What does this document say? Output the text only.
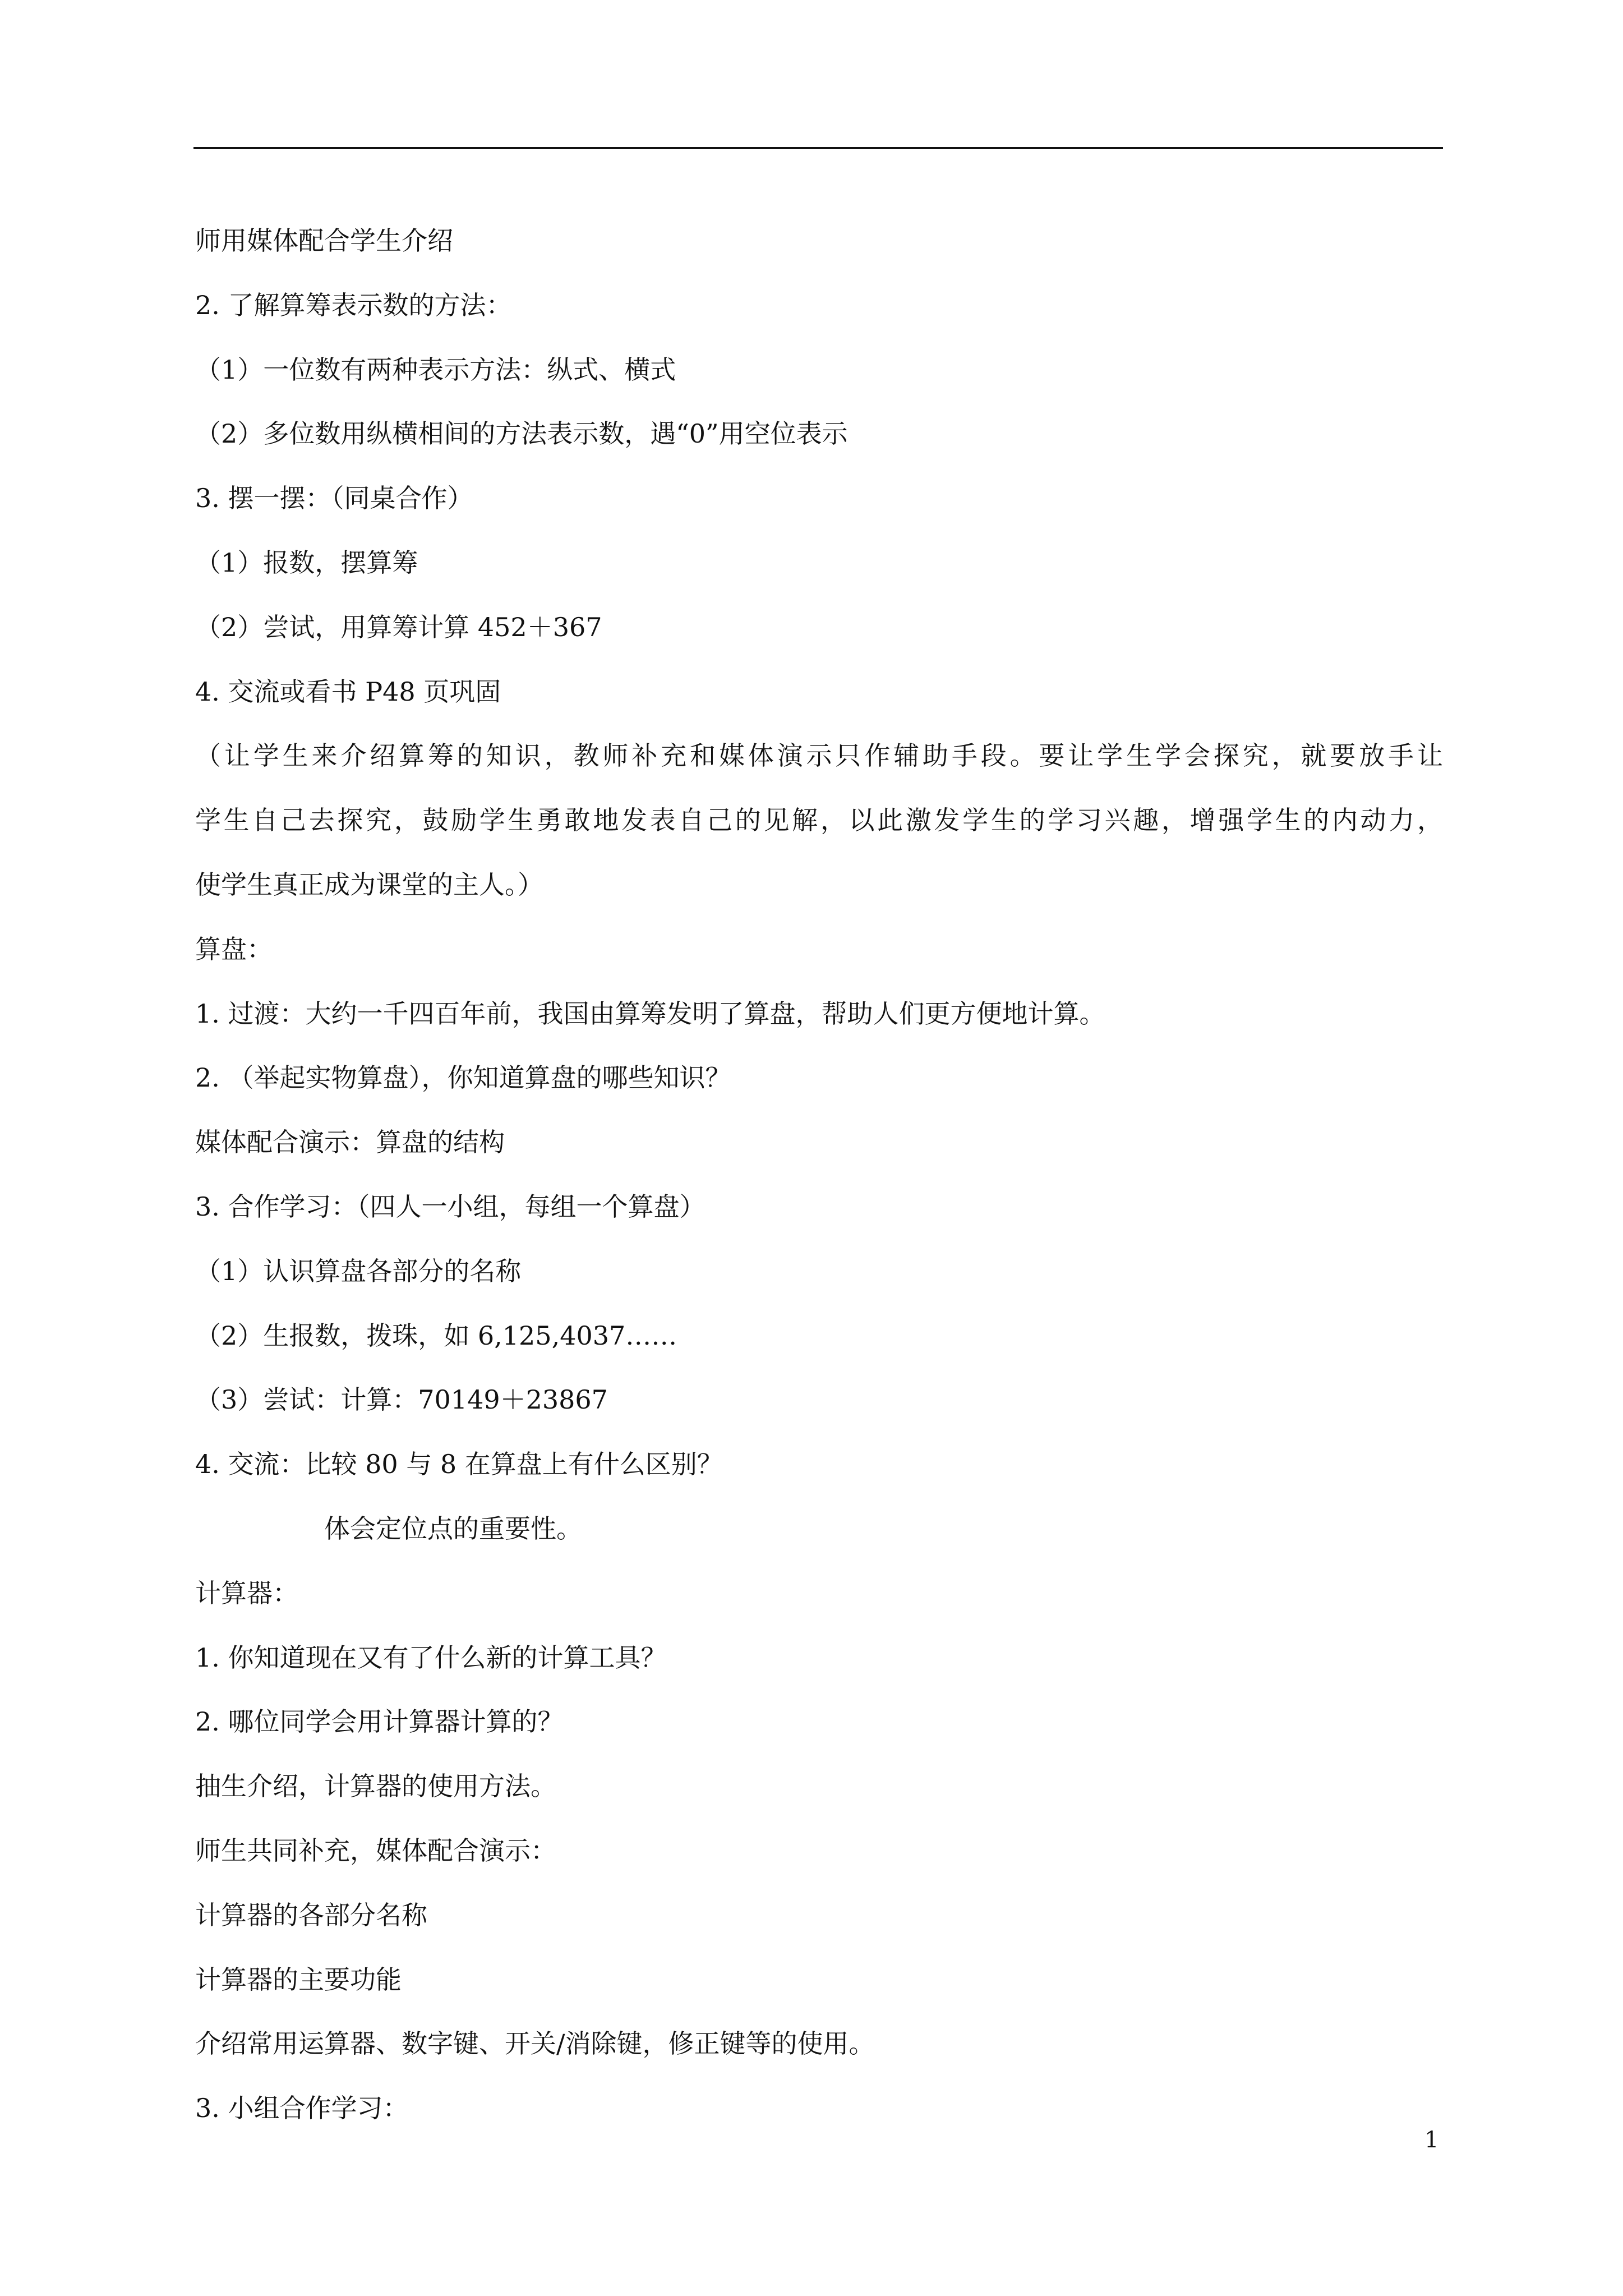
师用媒体配合学生介绍
2. 了解算筹表示数的方法：
（1）一位数有两种表示方法：纵式、横式
（2）多位数用纵横相间的方法表示数，遇“0”用空位表示
3. 摆一摆：（同桌合作）
（1）报数，摆算筹
（2）尝试，用算筹计算 452＋367
4. 交流或看书 P48 页巩固
（让学生来介绍算筹的知识，教师补充和媒体演示只作辅助手段。要让学生学会探究，就要放手让
学生自己去探究，鼓励学生勇敢地发表自己的见解，以此激发学生的学习兴趣，增强学生的内动力，
使学生真正成为课堂的主人。）
算盘：
1. 过渡：大约一千四百年前，我国由算筹发明了算盘，帮助人们更方便地计算。
2. （举起实物算盘），你知道算盘的哪些知识？
媒体配合演示：算盘的结构
3. 合作学习：（四人一小组，每组一个算盘）
（1）认识算盘各部分的名称
（2）生报数，拨珠，如 6,125,4037……
（3）尝试：计算：70149＋23867
4. 交流：比较 80 与 8 在算盘上有什么区别？
体会定位点的重要性。
计算器：
1. 你知道现在又有了什么新的计算工具？
2. 哪位同学会用计算器计算的？
抽生介绍，计算器的使用方法。
师生共同补充，媒体配合演示：
计算器的各部分名称
计算器的主要功能
介绍常用运算器、数字键、开关/消除键，修正键等的使用。
3. 小组合作学习：
1
